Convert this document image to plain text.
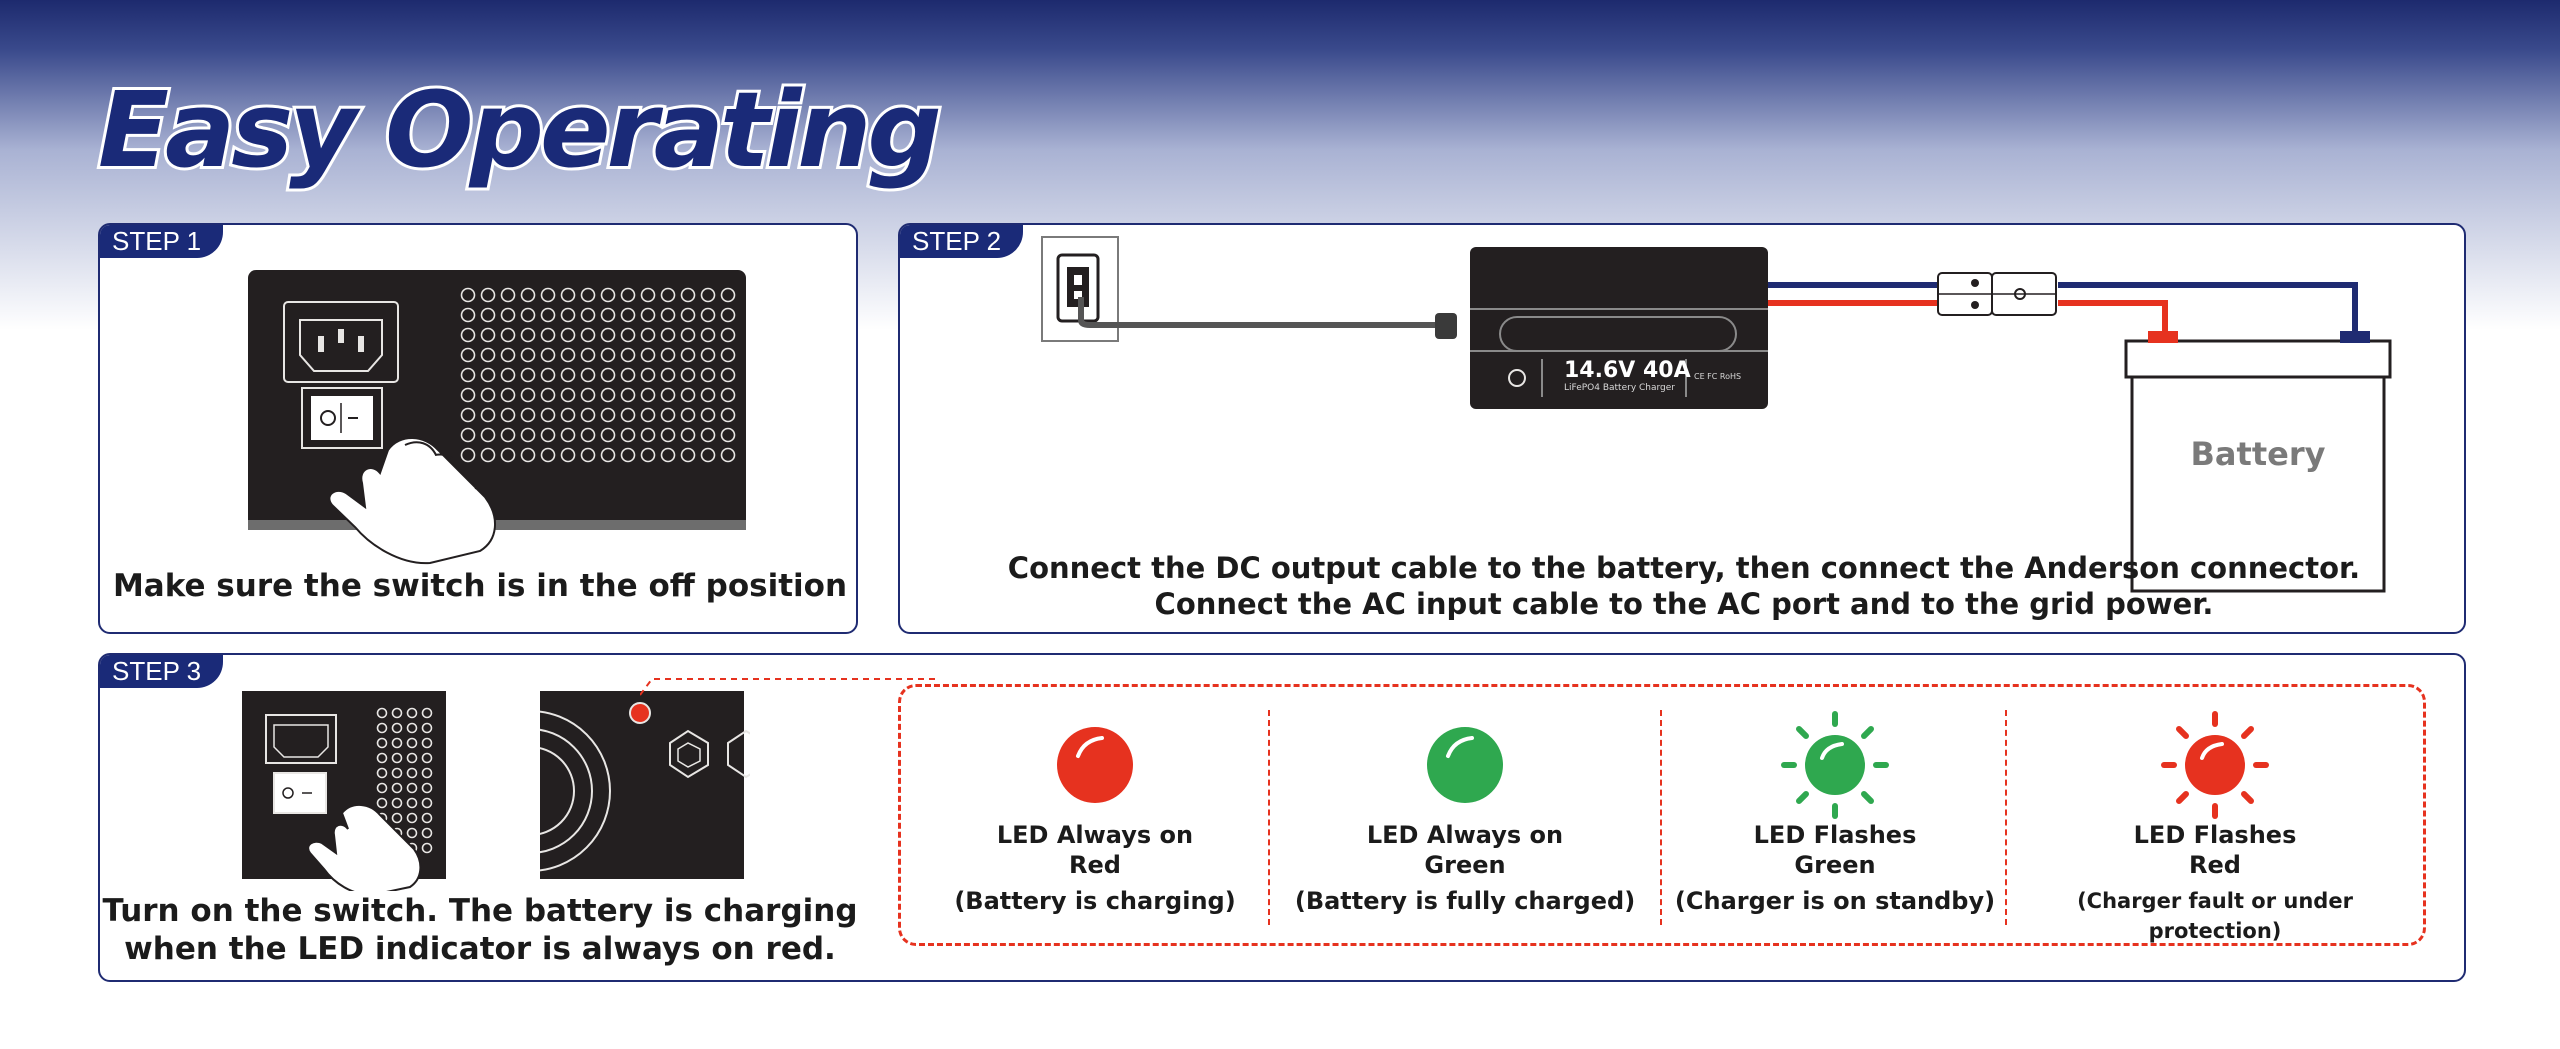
Easy Operating
STEP 1
Make sure the switch is in the off position
STEP 2
14.6V 40A
LiFePO4 Battery Charger
CE FC RoHS
Battery
Connect the DC output cable to the battery, then connect the Anderson connector.
Connect the AC input cable to the AC port and to the grid power.
STEP 3
Turn on the switch. The battery is charging
when the LED indicator is always on red.
LED Always on
Red
(Battery is charging)
LED Always on
Green
(Battery is fully charged)
LED Flashes
Green
(Charger is on standby)
LED Flashes
Red
(Charger fault or under protection)
